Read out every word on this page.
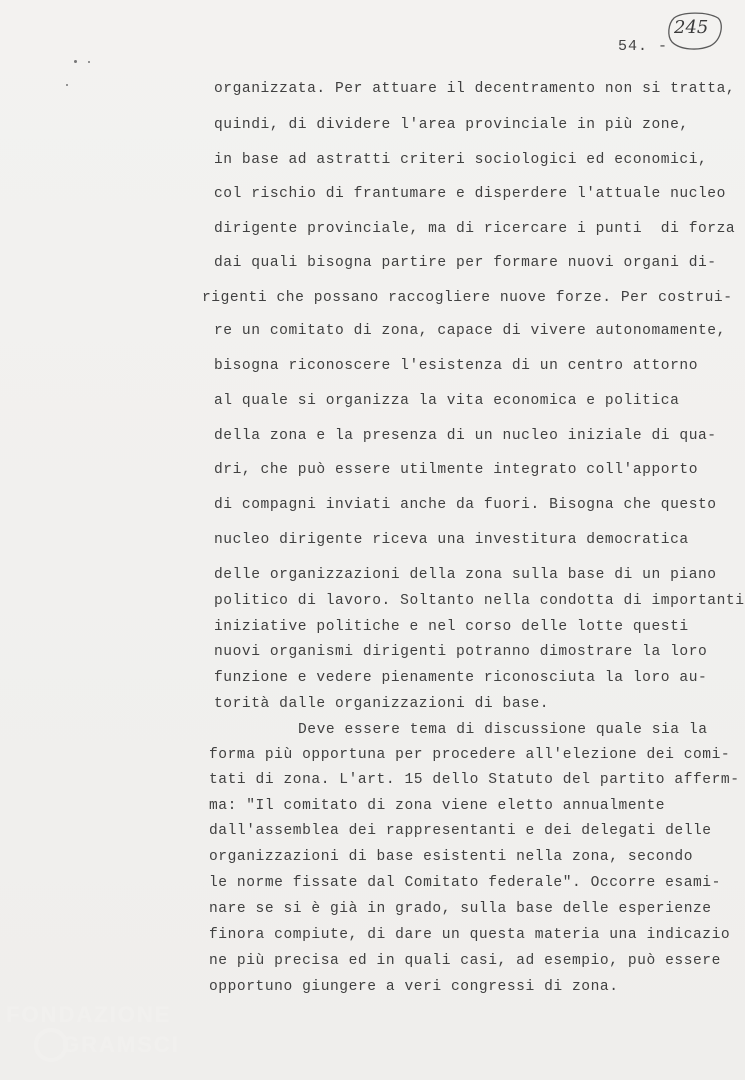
54. -
245
organizzata. Per attuare il decentramento non si tratta,
quindi, di dividere l'area provinciale in più zone,
in base ad astratti criteri sociologici ed economici,
col rischio di frantumare e disperdere l'attuale nucleo
dirigente provinciale, ma di ricercare i punti  di forza
dai quali bisogna partire per formare nuovi organi di-
rigenti che possano raccogliere nuove forze. Per costrui-
re un comitato di zona, capace di vivere autonomamente,
bisogna riconoscere l'esistenza di un centro attorno
al quale si organizza la vita economica e politica
della zona e la presenza di un nucleo iniziale di qua-
dri, che può essere utilmente integrato coll'apporto
di compagni inviati anche da fuori. Bisogna che questo
nucleo dirigente riceva una investitura democratica
delle organizzazioni della zona sulla base di un piano
politico di lavoro. Soltanto nella condotta di importanti
iniziative politiche e nel corso delle lotte questi
nuovi organismi dirigenti potranno dimostrare la loro
funzione e vedere pienamente riconosciuta la loro au-
torità dalle organizzazioni di base.
Deve essere tema di discussione quale sia la
forma più opportuna per procedere all'elezione dei comi-
tati di zona. L'art. 15 dello Statuto del partito afferm-
ma: "Il comitato di zona viene eletto annualmente
dall'assemblea dei rappresentanti e dei delegati delle
organizzazioni di base esistenti nella zona, secondo
le norme fissate dal Comitato federale". Occorre esami-
nare se si è già in grado, sulla base delle esperienze
finora compiute, di dare un questa materia una indicazio
ne più precisa ed in quali casi, ad esempio, può essere
opportuno giungere a veri congressi di zona.
FONDAZIONE
GRAMSCI
